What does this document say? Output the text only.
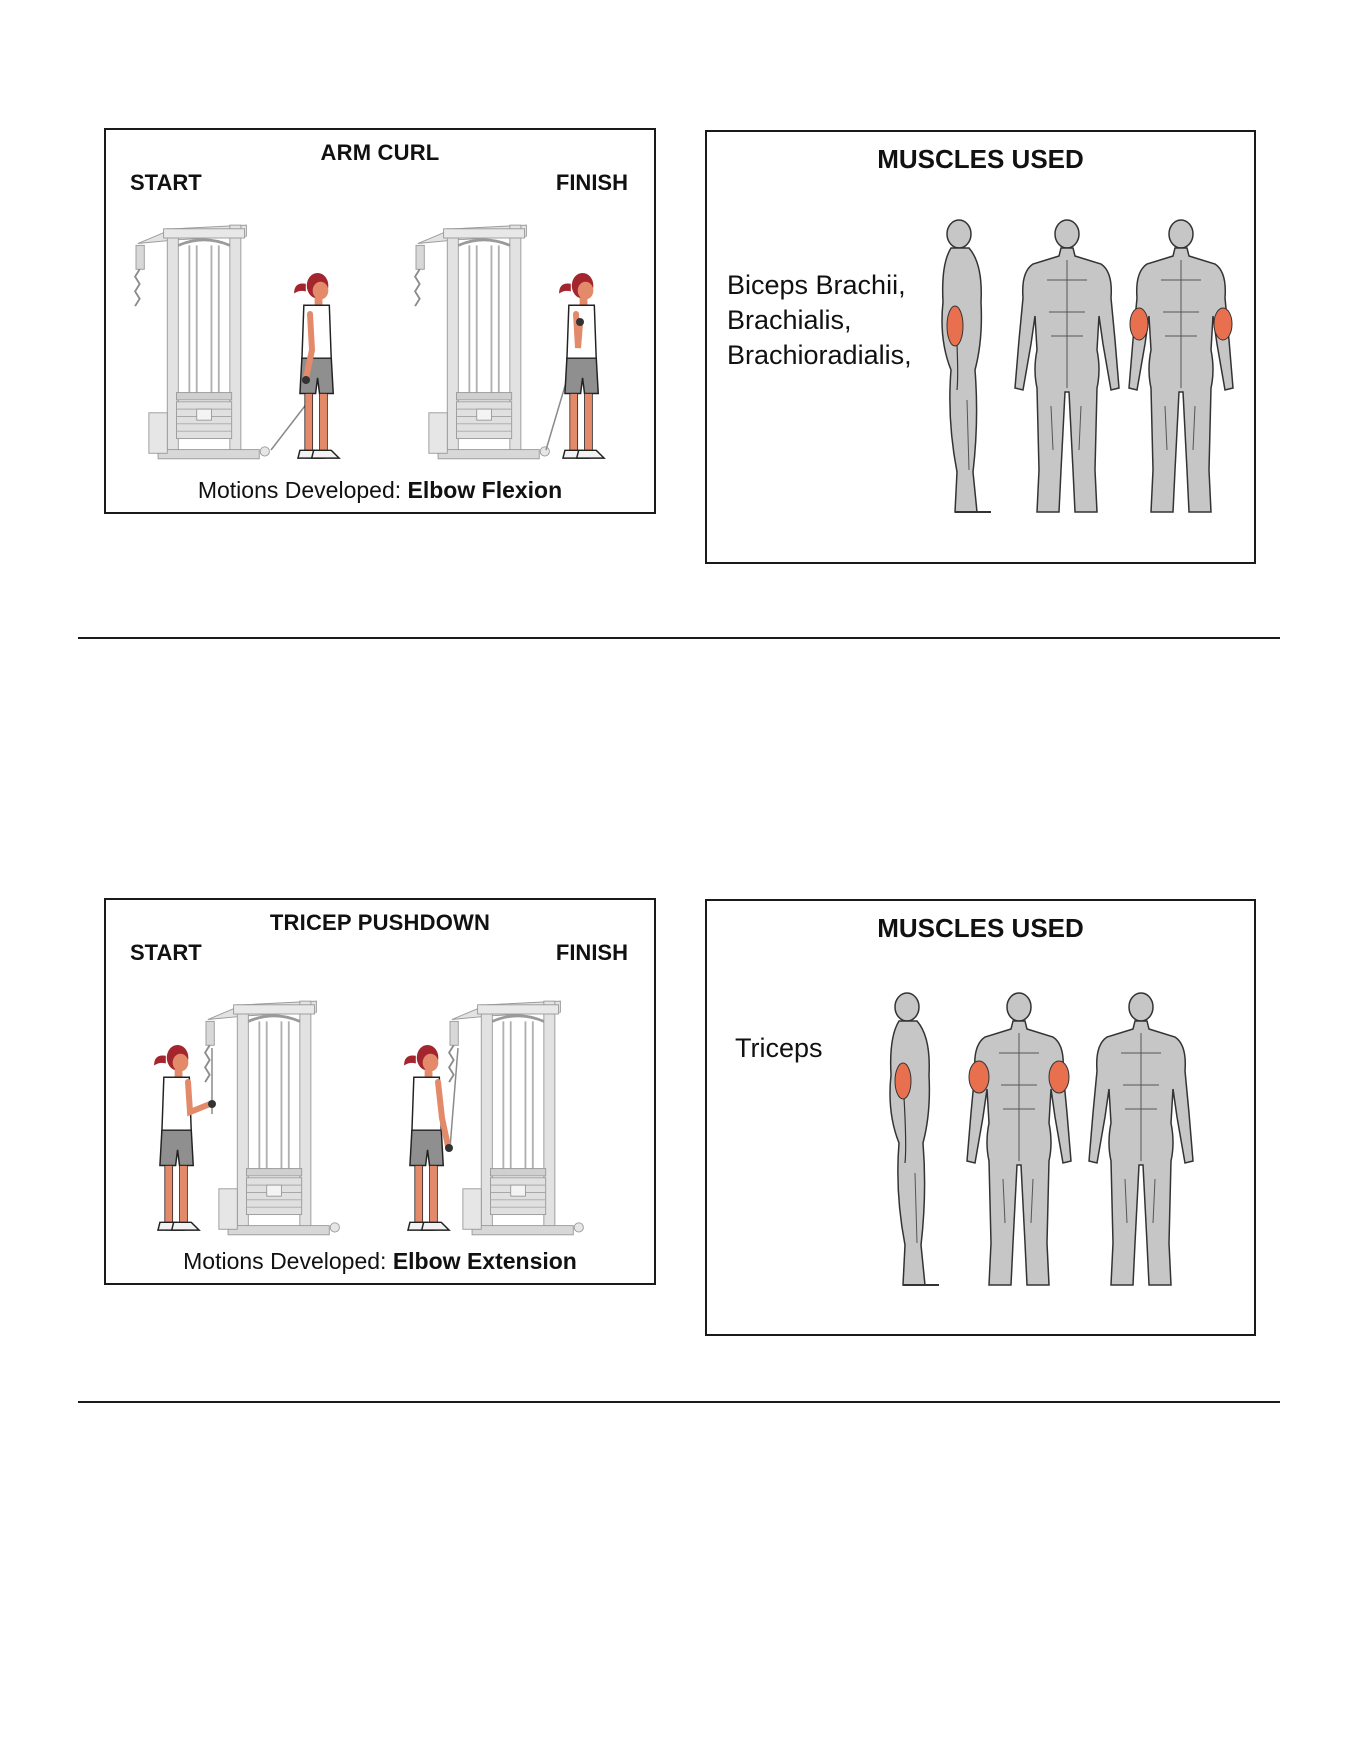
ARM CURL
START	FINISH
Motions Developed: Elbow Flexion
MUSCLES USED
Biceps Brachii,
Brachialis,
Brachioradialis,
TRICEP PUSHDOWN
START	FINISH
Motions Developed: Elbow Extension
MUSCLES USED
Triceps
